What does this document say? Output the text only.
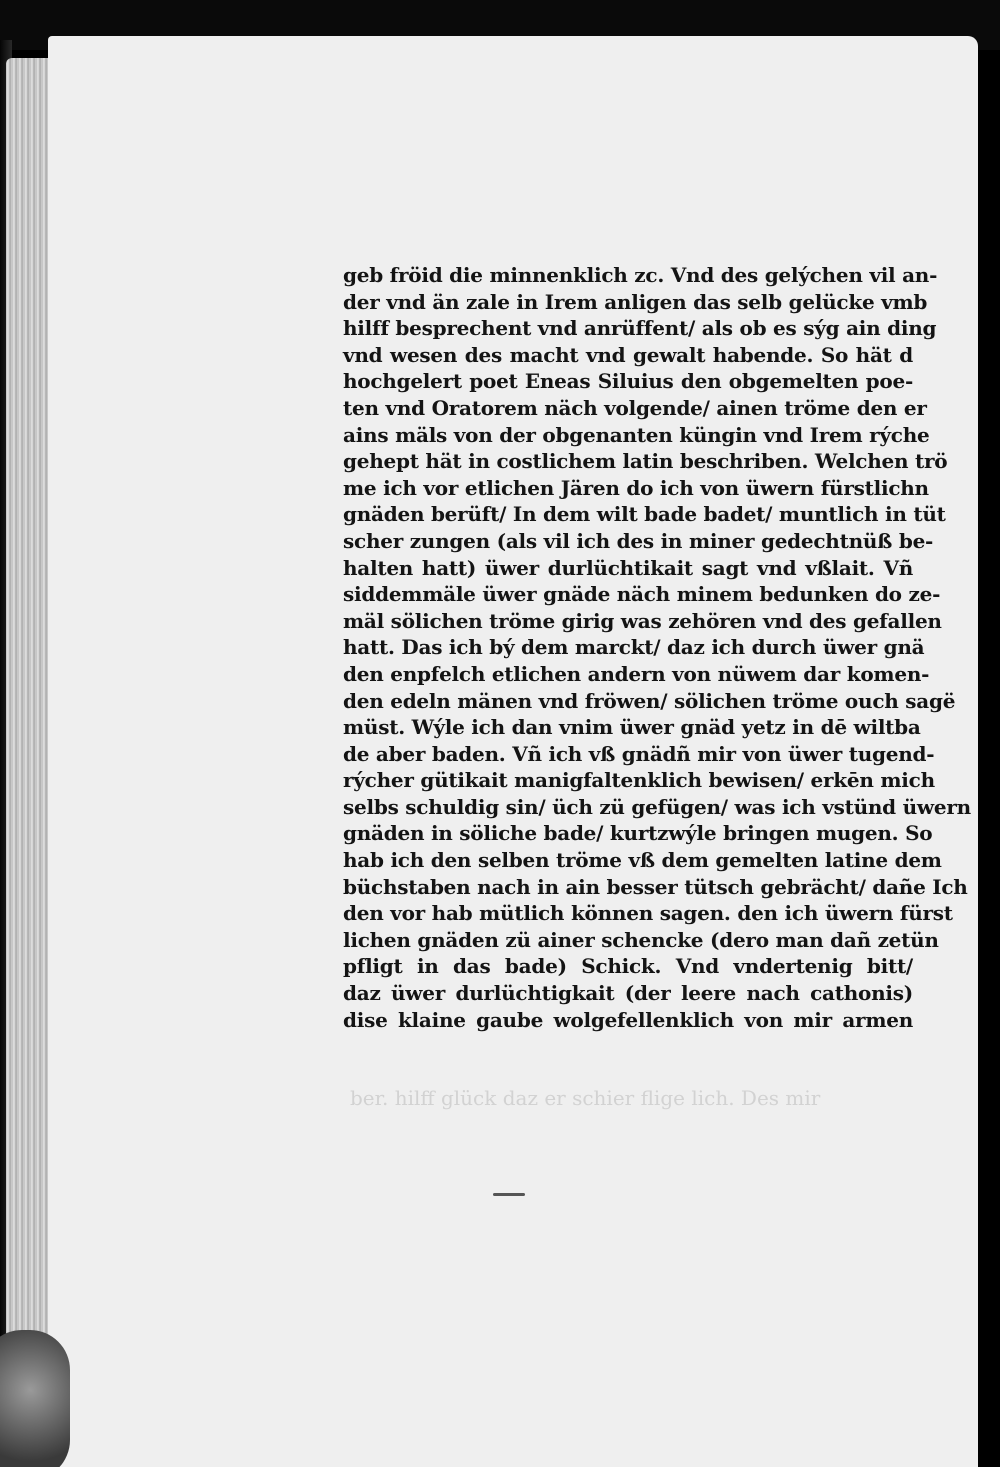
ber. hilff glück daz er schier flige lich. Des mir
geb fröid die minnenklich zc. Vnd des gelýchen vil an-
der vnd än zale in Irem anligen das selb gelücke vmb
hilff besprechent vnd anrüffent/ als ob es sýg ain ding
vnd wesen des macht vnd gewalt habende. So hät d
hochgelert poet Eneas Siluius den obgemelten poe-
ten vnd Oratorem näch volgende/ ainen tröme den er
ains mäls von der obgenanten küngin vnd Irem rýche
gehept hät in costlichem latin beschriben. Welchen trö
me ich vor etlichen Jären do ich von üwern fürstlichn
gnäden berüft/ In dem wilt bade badet/ muntlich in tüt
scher zungen (als vil ich des in miner gedechtnüß be-
halten hatt) üwer durlüchtikait sagt vnd vßlait. Vñ
siddemmäle üwer gnäde näch minem bedunken do ze-
mäl sölichen tröme girig was zehören vnd des gefallen
hatt. Das ich bý dem marckt/ daz ich durch üwer gnä
den enpfelch etlichen andern von nüwem dar komen-
den edeln mänen vnd fröwen/ sölichen tröme ouch sagë
müst. Wýle ich dan vnim üwer gnäd yetz in dē wiltba
de aber baden. Vñ ich vß gnädñ mir von üwer tugend-
rýcher gütikait manigfaltenklich bewisen/ erkēn mich
selbs schuldig sin/ üch zü gefügen/ was ich vstünd üwern
gnäden in söliche bade/ kurtzwýle bringen mugen. So
hab ich den selben tröme vß dem gemelten latine dem
büchstaben nach in ain besser tütsch gebrächt/ dañe Ich
den vor hab mütlich können sagen. den ich üwern fürst
lichen gnäden zü ainer schencke (dero man dañ zetün
pfligt in das bade) Schick. Vnd vndertenig bitt/
daz üwer durlüchtigkait (der leere nach cathonis)
dise klaine gaube wolgefellenklich von mir armen
